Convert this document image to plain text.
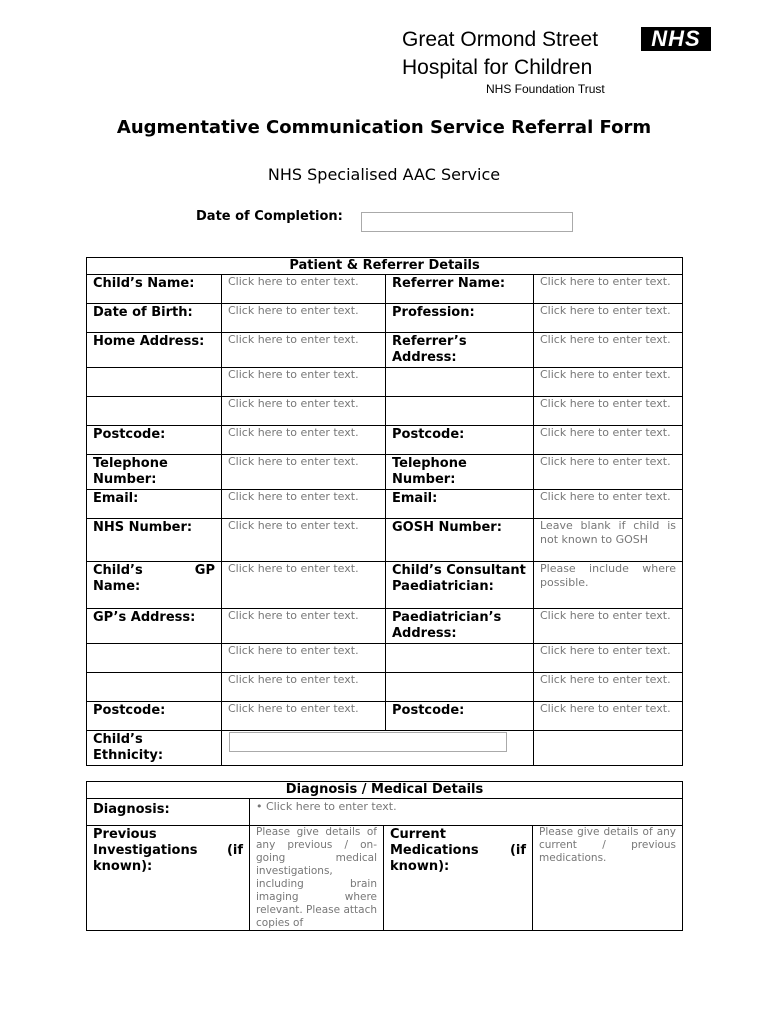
Great Ormond Street
Hospital for Children
NHS Foundation Trust
NHS
Augmentative Communication Service Referral Form
NHS Specialised AAC Service
Date of Completion:
Patient & Referrer Details			
Child’s Name:	Click here to enter text.	Referrer Name:	Click here to enter text.
Date of Birth:	Click here to enter text.	Profession:	Click here to enter text.
Home Address:	Click here to enter text.	Referrer’s Address:	Click here to enter text.
	Click here to enter text.		Click here to enter text.
	Click here to enter text.		Click here to enter text.
Postcode:	Click here to enter text.	Postcode:	Click here to enter text.
Telephone Number:	Click here to enter text.	Telephone Number:	Click here to enter text.
Email:	Click here to enter text.	Email:	Click here to enter text.
NHS Number:	Click here to enter text.	GOSH Number:	Leave blank if child is not known to GOSH
Child’s GP Name:	Click here to enter text.	Child’s Consultant Paediatrician:	Please include where possible.
GP’s Address:	Click here to enter text.	Paediatrician’s Address:	Click here to enter text.
	Click here to enter text.		Click here to enter text.
	Click here to enter text.		Click here to enter text.
Postcode:	Click here to enter text.	Postcode:	Click here to enter text.
Child’s Ethnicity:	

Diagnosis / Medical Details			
Diagnosis:	• Click here to enter text.
Previous Investigations (if known):	Please give details of any previous / on-going medical investigations, including brain imaging where relevant. Please attach copies of	Current Medications (if known):	Please give details of any current / previous medications.
